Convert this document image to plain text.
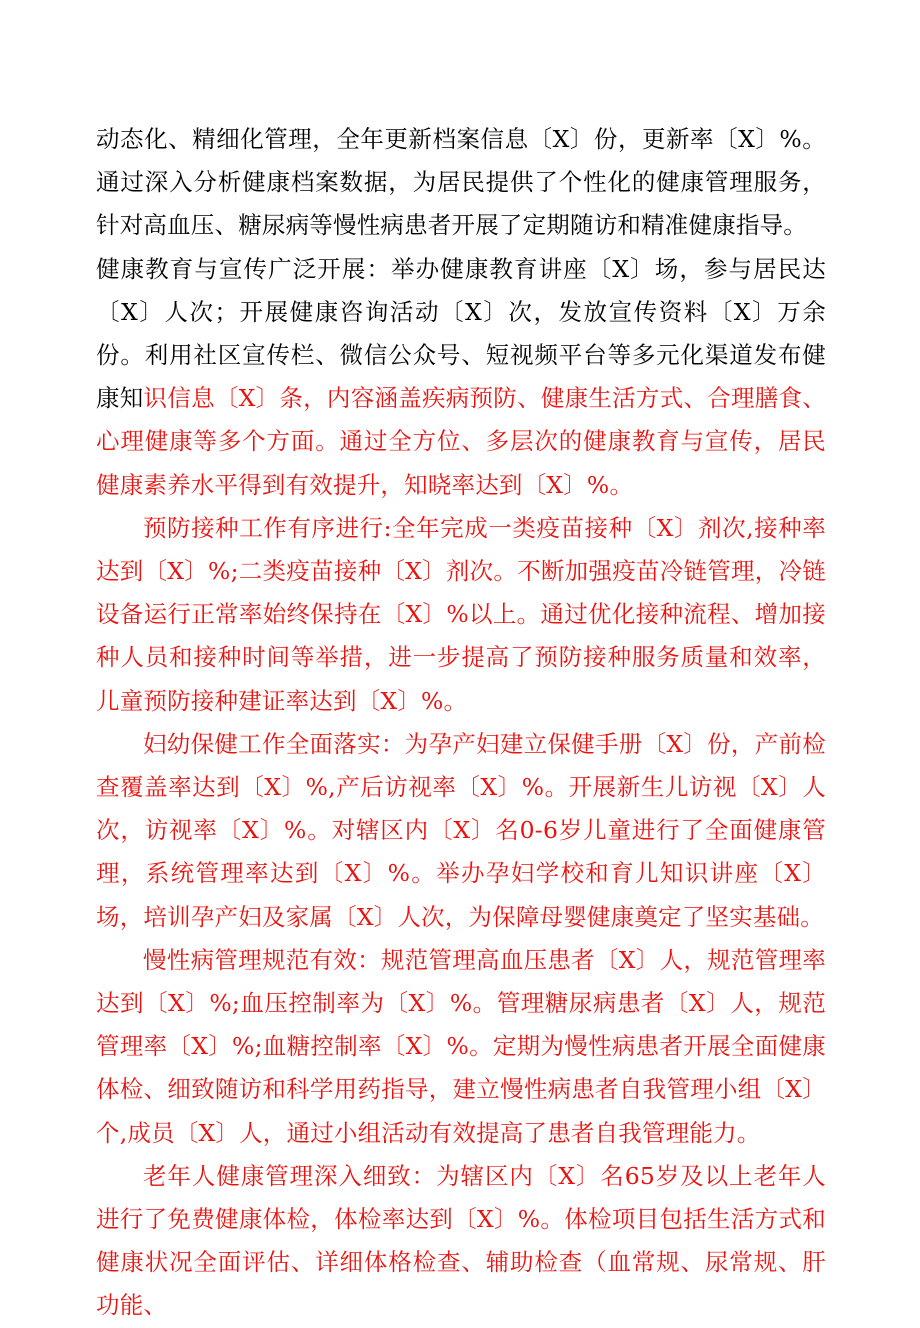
动态化、精细化管理，全年更新档案信息〔X〕份，更新率〔X〕%。通过深入分析健康档案数据，为居民提供了个性化的健康管理服务，针对高血压、糖尿病等慢性病患者开展了定期随访和精准健康指导。

健康教育与宣传广泛开展：举办健康教育讲座〔X〕场，参与居民达〔X〕人次；开展健康咨询活动〔X〕次，发放宣传资料〔X〕万余份。利用社区宣传栏、微信公众号、短视频平台等多元化渠道发布健康知识信息〔X〕条，内容涵盖疾病预防、健康生活方式、合理膳食、心理健康等多个方面。通过全方位、多层次的健康教育与宣传，居民健康素养水平得到有效提升，知晓率达到〔X〕%。

预防接种工作有序进行:全年完成一类疫苗接种〔X〕剂次,接种率达到〔X〕%;二类疫苗接种〔X〕剂次。不断加强疫苗冷链管理，冷链设备运行正常率始终保持在〔X〕%以上。通过优化接种流程、增加接种人员和接种时间等举措，进一步提高了预防接种服务质量和效率，儿童预防接种建证率达到〔X〕%。

妇幼保健工作全面落实：为孕产妇建立保健手册〔X〕份，产前检查覆盖率达到〔X〕%,产后访视率〔X〕%。开展新生儿访视〔X〕人次，访视率〔X〕%。对辖区内〔X〕名0-6岁儿童进行了全面健康管理，系统管理率达到〔X〕%。举办孕妇学校和育儿知识讲座〔X〕场，培训孕产妇及家属〔X〕人次，为保障母婴健康奠定了坚实基础。

慢性病管理规范有效：规范管理高血压患者〔X〕人，规范管理率达到〔X〕%;血压控制率为〔X〕%。管理糖尿病患者〔X〕人，规范管理率〔X〕%;血糖控制率〔X〕%。定期为慢性病患者开展全面健康体检、细致随访和科学用药指导，建立慢性病患者自我管理小组〔X〕个,成员〔X〕人，通过小组活动有效提高了患者自我管理能力。

老年人健康管理深入细致：为辖区内〔X〕名65岁及以上老年人进行了免费健康体检，体检率达到〔X〕%。体检项目包括生活方式和健康状况全面评估、详细体格检查、辅助检查（血常规、尿常规、肝功能、
